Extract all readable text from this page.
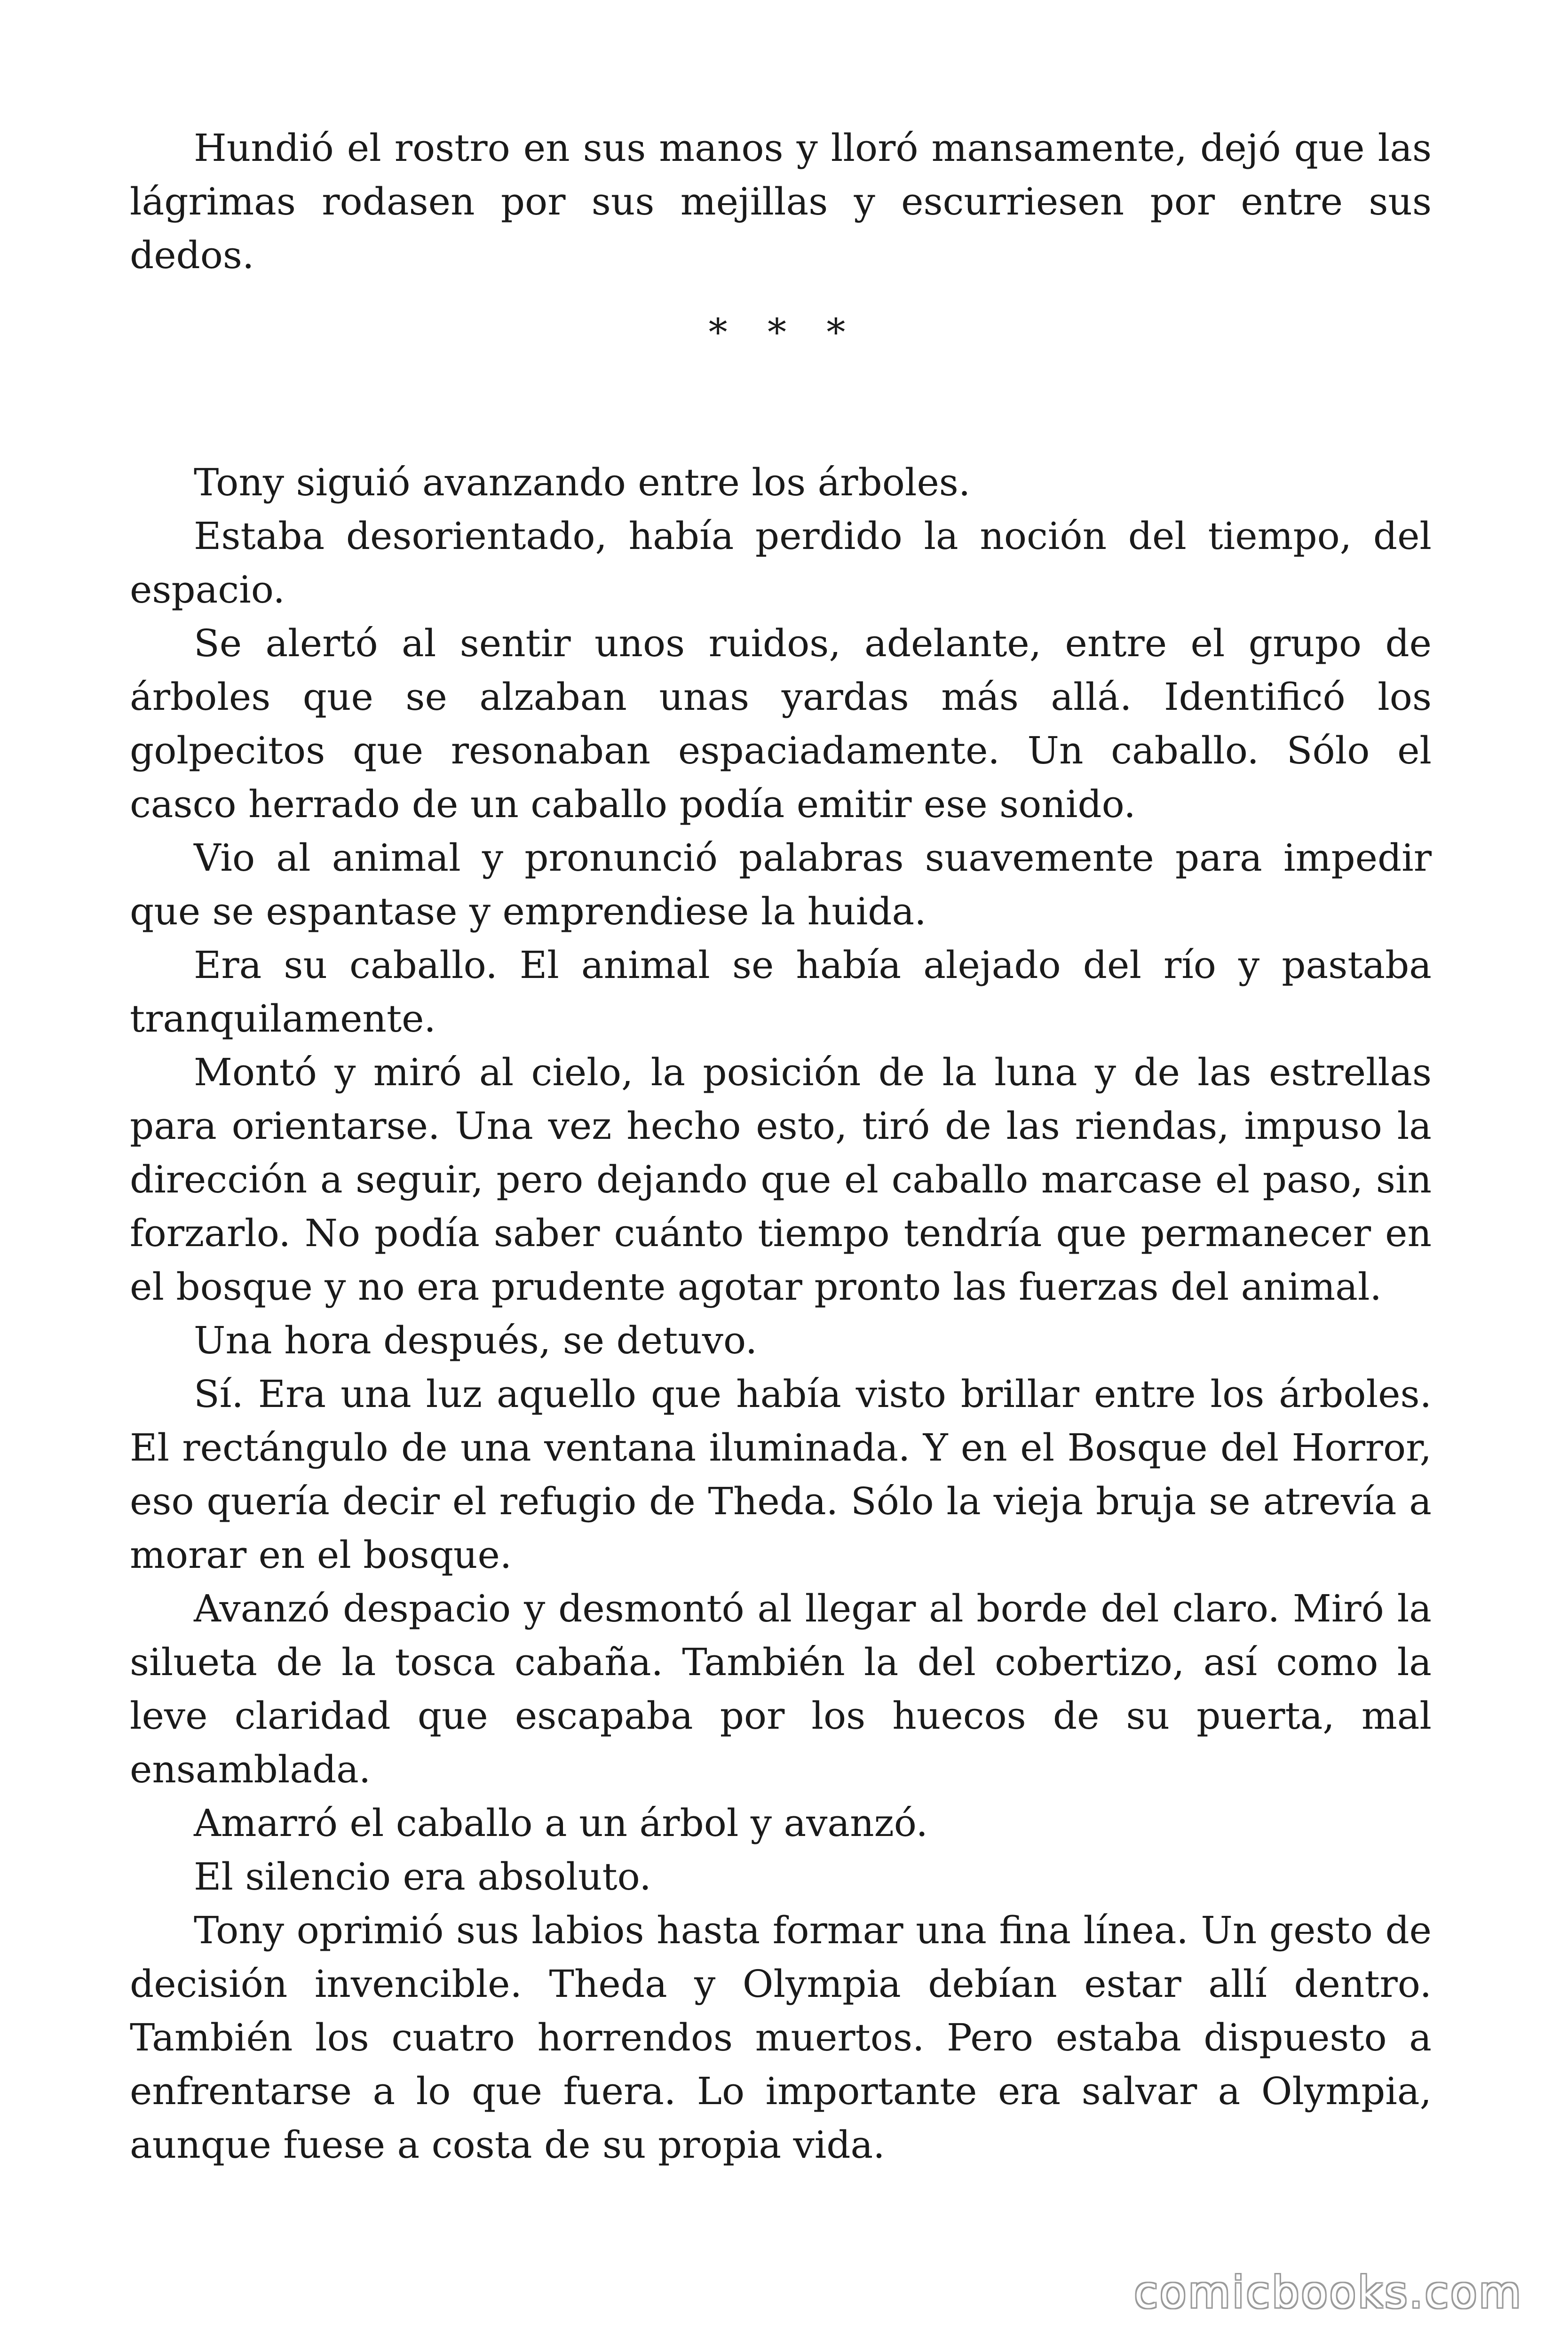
Hundió el rostro en sus manos y lloró mansamente, dejó que las lágrimas rodasen por sus mejillas y escurriesen por entre sus dedos.

* * *

Tony siguió avanzando entre los árboles.

Estaba desorientado, había perdido la noción del tiempo, del espacio.

Se alertó al sentir unos ruidos, adelante, entre el grupo de árboles que se alzaban unas yardas más allá. Identificó los golpecitos que resonaban espaciadamente. Un caballo. Sólo el casco herrado de un caballo podía emitir ese sonido.

Vio al animal y pronunció palabras suavemente para impedir que se espantase y emprendiese la huida.

Era su caballo. El animal se había alejado del río y pastaba tranquilamente.

Montó y miró al cielo, la posición de la luna y de las estrellas para orientarse. Una vez hecho esto, tiró de las riendas, impuso la dirección a seguir, pero dejando que el caballo marcase el paso, sin forzarlo. No podía saber cuánto tiempo tendría que permanecer en el bosque y no era prudente agotar pronto las fuerzas del animal.

Una hora después, se detuvo.

Sí. Era una luz aquello que había visto brillar entre los árboles. El rectángulo de una ventana iluminada. Y en el Bosque del Horror, eso quería decir el refugio de Theda. Sólo la vieja bruja se atrevía a morar en el bosque.

Avanzó despacio y desmontó al llegar al borde del claro. Miró la silueta de la tosca cabaña. También la del cobertizo, así como la leve claridad que escapaba por los huecos de su puerta, mal ensamblada.

Amarró el caballo a un árbol y avanzó.

El silencio era absoluto.

Tony oprimió sus labios hasta formar una fina línea. Un gesto de decisión invencible. Theda y Olympia debían estar allí dentro. También los cuatro horrendos muertos. Pero estaba dispuesto a enfrentarse a lo que fuera. Lo importante era salvar a Olympia, aunque fuese a costa de su propia vida.

comicbooks.com
